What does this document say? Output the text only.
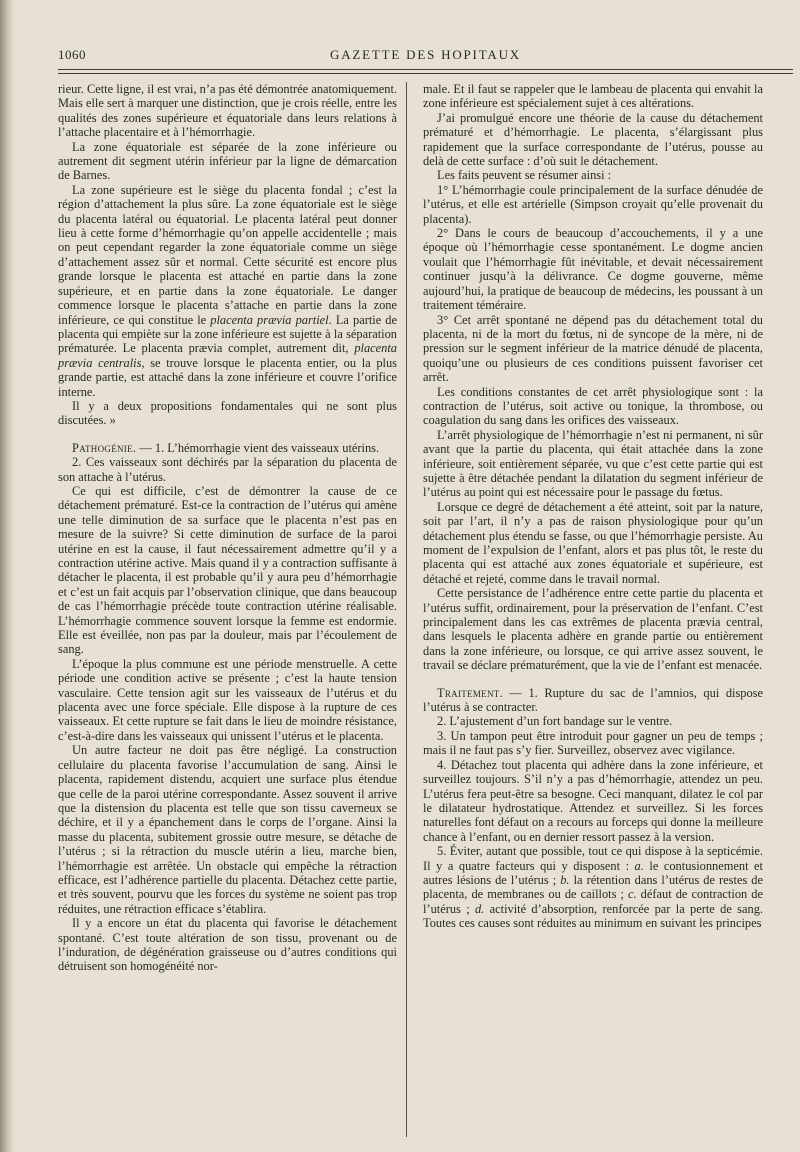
1060	GAZETTE DES HOPITAUX

rieur. Cette ligne, il est vrai, n’a pas été démontrée anatomiquement. Mais elle sert à marquer une distinction, que je crois réelle, entre les qualités des zones supérieure et équatoriale dans leurs relations à l’attache placentaire et à l’hémorrhagie.

La zone équatoriale est séparée de la zone inférieure ou autrement dit segment utérin inférieur par la ligne de démarcation de Barnes.

La zone supérieure est le siège du placenta fondal ; c’est la région d’attachement la plus sûre. La zone équatoriale est le siège du placenta latéral ou équatorial. Le placenta latéral peut donner lieu à cette forme d’hémorrhagie qu’on appelle accidentelle ; mais on peut cependant regarder la zone équatoriale comme un siège d’attachement assez sûr et normal. Cette sécurité est encore plus grande lorsque le placenta est attaché en partie dans la zone supérieure, et en partie dans la zone équatoriale. Le danger commence lorsque le placenta s’attache en partie dans la zone inférieure, ce qui constitue le placenta prævia partiel. La partie de placenta qui empiète sur la zone inférieure est sujette à la séparation prématurée. Le placenta prævia complet, autrement dit, placenta prævia centralis, se trouve lorsque le placenta entier, ou la plus grande partie, est attaché dans la zone inférieure et couvre l’orifice interne.

Il y a deux propositions fondamentales qui ne sont plus discutées. »

Pathogénie. — 1. L’hémorrhagie vient des vaisseaux utérins.

2. Ces vaisseaux sont déchirés par la séparation du placenta de son attache à l’utérus.

Ce qui est difficile, c’est de démontrer la cause de ce détachement prématuré. Est-ce la contraction de l’utérus qui amène une telle diminution de sa surface que le placenta n’est pas en mesure de la suivre? Si cette diminution de surface de la paroi utérine en est la cause, il faut nécessairement admettre qu’il y a contraction utérine active. Mais quand il y a contraction suffisante à détacher le placenta, il est probable qu’il y aura peu d’hémorrhagie et c’est un fait acquis par l’observation clinique, que dans beaucoup de cas l’hémorrhagie précède toute contraction utérine réalisable. L’hémorrhagie commence souvent lorsque la femme est endormie. Elle est éveillée, non pas par la douleur, mais par l’écoulement de sang.

L’époque la plus commune est une période menstruelle. A cette période une condition active se présente ; c’est la haute tension vasculaire. Cette tension agit sur les vaisseaux de l’utérus et du placenta avec une force spéciale. Elle dispose à la rupture de ces vaisseaux. Et cette rupture se fait dans le lieu de moindre résistance, c’est-à-dire dans les vaisseaux qui unissent l’utérus et le placenta.

Un autre facteur ne doit pas être négligé. La construction cellulaire du placenta favorise l’accumulation de sang. Ainsi le placenta, rapidement distendu, acquiert une surface plus étendue que celle de la paroi utérine correspondante. Assez souvent il arrive que la distension du placenta est telle que son tissu caverneux se déchire, et il y a épanchement dans le corps de l’organe. Ainsi la masse du placenta, subitement grossie outre mesure, se détache de l’utérus ; si la rétraction du muscle utérin a lieu, marche bien, l’hémorrhagie est arrêtée. Un obstacle qui empêche la rétraction efficace, est l’adhérence partielle du placenta. Détachez cette partie, et très souvent, pourvu que les forces du système ne soient pas trop réduites, une rétraction efficace s’établira.

Il y a encore un état du placenta qui favorise le détachement spontané. C’est toute altération de son tissu, provenant ou de l’induration, de dégénération graisseuse ou d’autres conditions qui détruisent son homogénéité nor-

male. Et il faut se rappeler que le lambeau de placenta qui envahit la zone inférieure est spécialement sujet à ces altérations.

J’ai promulgué encore une théorie de la cause du détachement prématuré et d’hémorrhagie. Le placenta, s’élargissant plus rapidement que la surface correspondante de l’utérus, pousse au delà de cette surface : d’où suit le détachement.

Les faits peuvent se résumer ainsi :

1° L’hémorrhagie coule principalement de la surface dénudée de l’utérus, et elle est artérielle (Simpson croyait qu’elle provenait du placenta).

2° Dans le cours de beaucoup d’accouchements, il y a une époque où l’hémorrhagie cesse spontanément. Le dogme ancien voulait que l’hémorrhagie fût inévitable, et devait nécessairement continuer jusqu’à la délivrance. Ce dogme gouverne, même aujourd’hui, la pratique de beaucoup de médecins, les poussant à un traitement téméraire.

3° Cet arrêt spontané ne dépend pas du détachement total du placenta, ni de la mort du fœtus, ni de syncope de la mère, ni de pression sur le segment inférieur de la matrice dénudé de placenta, quoiqu’une ou plusieurs de ces conditions puissent favoriser cet arrêt.

Les conditions constantes de cet arrêt physiologique sont : la contraction de l’utérus, soit active ou tonique, la thrombose, ou coagulation du sang dans les orifices des vaisseaux.

L’arrêt physiologique de l’hémorrhagie n’est ni permanent, ni sûr avant que la partie du placenta, qui était attachée dans la zone inférieure, soit entièrement séparée, vu que c’est cette partie qui est sujette à être détachée pendant la dilatation du segment inférieur de l’utérus au point qui est nécessaire pour le passage du fœtus.

Lorsque ce degré de détachement a été atteint, soit par la nature, soit par l’art, il n’y a pas de raison physiologique pour qu’un détachement plus étendu se fasse, ou que l’hémorrhagie persiste. Au moment de l’expulsion de l’enfant, alors et pas plus tôt, le reste du placenta qui est attaché aux zones équatoriale et supérieure, est détaché et rejeté, comme dans le travail normal.

Cette persistance de l’adhérence entre cette partie du placenta et l’utérus suffit, ordinairement, pour la préservation de l’enfant. C’est principalement dans les cas extrêmes de placenta prævia central, dans lesquels le placenta adhère en grande partie ou entièrement dans la zone inférieure, ou lorsque, ce qui arrive assez souvent, le travail se déclare prématurément, que la vie de l’enfant est menacée.

Traitement. — 1. Rupture du sac de l’amnios, qui dispose l’utérus à se contracter.

2. L’ajustement d’un fort bandage sur le ventre.

3. Un tampon peut être introduit pour gagner un peu de temps ; mais il ne faut pas s’y fier. Surveillez, observez avec vigilance.

4. Détachez tout placenta qui adhère dans la zone inférieure, et surveillez toujours. S’il n’y a pas d’hémorrhagie, attendez un peu. L’utérus fera peut-être sa besogne. Ceci manquant, dilatez le col par le dilatateur hydrostatique. Attendez et surveillez. Si les forces naturelles font défaut on a recours au forceps qui donne la meilleure chance à l’enfant, ou en dernier ressort passez à la version.

5. Éviter, autant que possible, tout ce qui dispose à la septicémie. Il y a quatre facteurs qui y disposent : a. le contusionnement et autres lésions de l’utérus ; b. la rétention dans l’utérus de restes de placenta, de membranes ou de caillots ; c. défaut de contraction de l’utérus ; d. activité d’absorption, renforcée par la perte de sang. Toutes ces causes sont réduites au minimum en suivant les principes
